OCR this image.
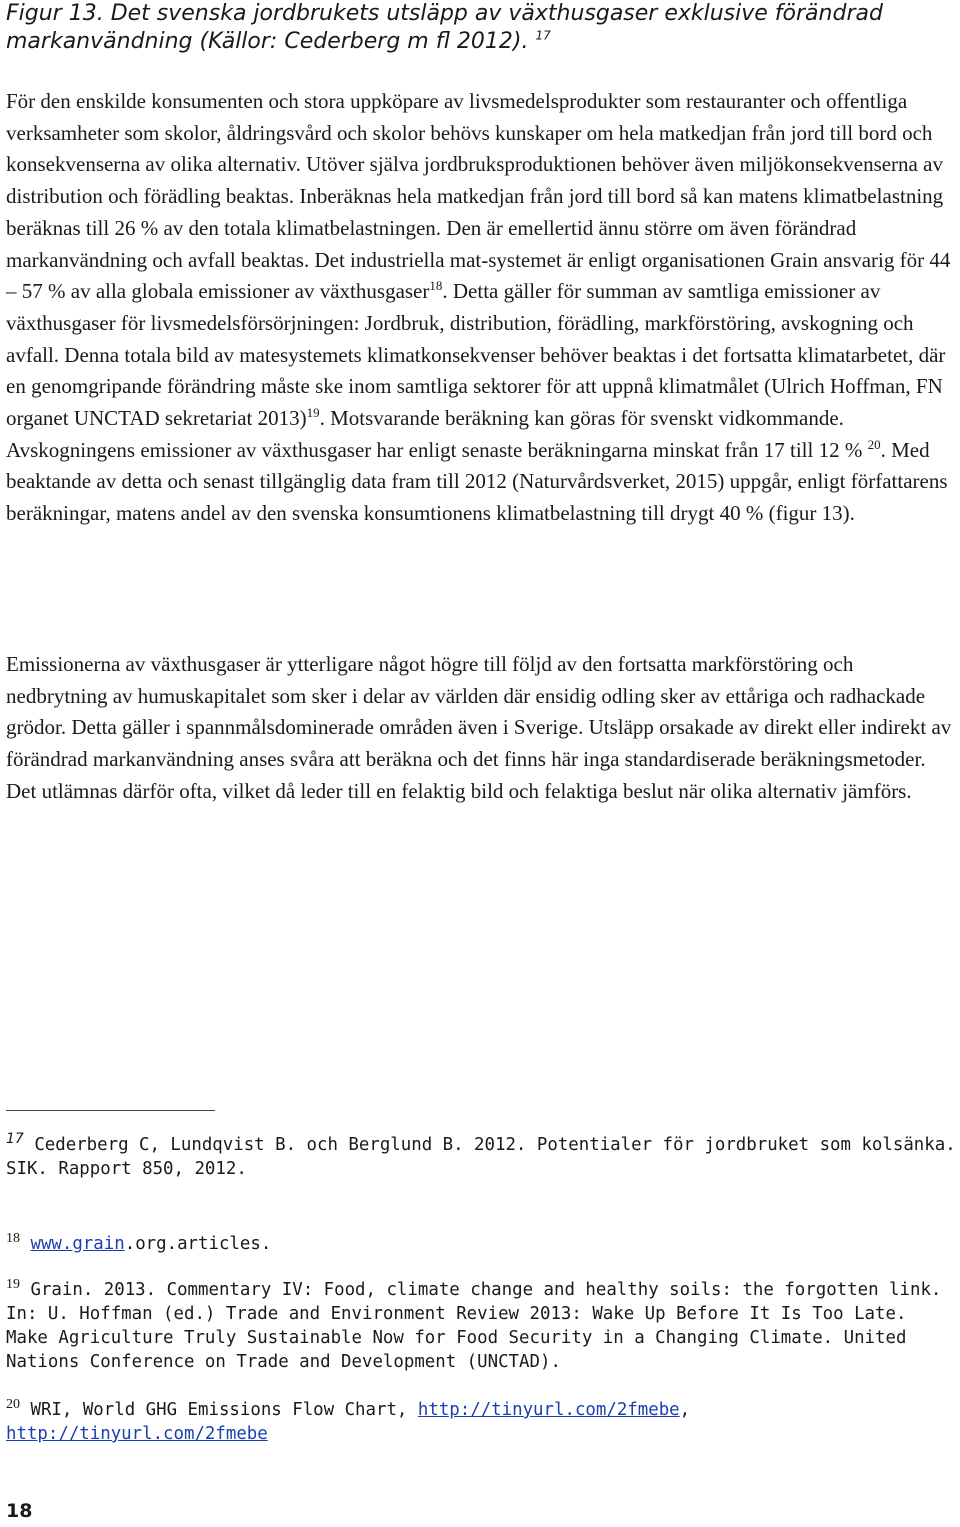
Figur 13. Det svenska jordbrukets utsläpp av växthusgaser exklusive förändrad markanvändning (Källor: Cederberg m fl 2012). $^{17}$

För den enskilde konsumenten och stora uppköpare av livsmedelsprodukter som restauranter och offentliga verksamheter som skolor, åldringsvård och skolor behövs kunskaper om hela matkedjan från jord till bord och konsekvenserna av olika alternativ. Utöver själva jordbruksproduktionen behöver även miljökonsekvenserna av distribution och förädling beaktas. Inberäknas hela matkedjan från jord till bord så kan matens klimatbelastning beräknas till 26 % av den totala klimatbelastningen. Den är emellertid ännu större om även förändrad markanvändning och avfall beaktas. Det industriella mat-systemet är enligt organisationen Grain ansvarig för 44 – 57 % av alla globala emissioner av växthusgaser$^{18}$. Detta gäller för summan av samtliga emissioner av växthusgaser för livsmedelsförsörjningen: Jordbruk, distribution, förädling, markförstöring, avskogning och avfall. Denna totala bild av matesystemets klimatkonsekvenser behöver beaktas i det fortsatta klimatarbetet, där en genomgripande förändring måste ske inom samtliga sektorer för att uppnå klimatmålet (Ulrich Hoffman, FN organet UNCTAD sekretariat 2013)$^{19}$. Motsvarande beräkning kan göras för svenskt vidkommande. Avskogningens emissioner av växthusgaser har enligt senaste beräkningarna minskat från 17 till 12 % $^{20}$. Med beaktande av detta och senast tillgänglig data fram till 2012 (Naturvårdsverket, 2015) uppgår, enligt författarens beräkningar, matens andel av den svenska konsumtionens klimatbelastning till drygt 40 % (figur 13).

Emissionerna av växthusgaser är ytterligare något högre till följd av den fortsatta markförstöring och nedbrytning av humuskapitalet som sker i delar av världen där ensidig odling sker av ettåriga och radhackade grödor. Detta gäller i spannmålsdominerade områden även i Sverige. Utsläpp orsakade av direkt eller indirekt av förändrad markanvändning anses svåra att beräkna och det finns här inga standardiserade beräkningsmetoder. Det utlämnas därför ofta, vilket då leder till en felaktig bild och felaktiga beslut när olika alternativ jämförs.

$^{17}$ Cederberg C, Lundqvist B. och Berglund B. 2012. Potentialer för jordbruket som kolsänka. SIK. Rapport 850, 2012.

$^{18}$ www.grain.org.articles.

$^{19}$ Grain. 2013. Commentary IV: Food, climate change and healthy soils: the forgotten link. In: U. Hoffman (ed.) Trade and Environment Review 2013: Wake Up Before It Is Too Late. Make Agriculture Truly Sustainable Now for Food Security in a Changing Climate. United Nations Conference on Trade and Development (UNCTAD).

$^{20}$ WRI, World GHG Emissions Flow Chart, http://tinyurl.com/2fmebe, http://tinyurl.com/2fmebe

18
